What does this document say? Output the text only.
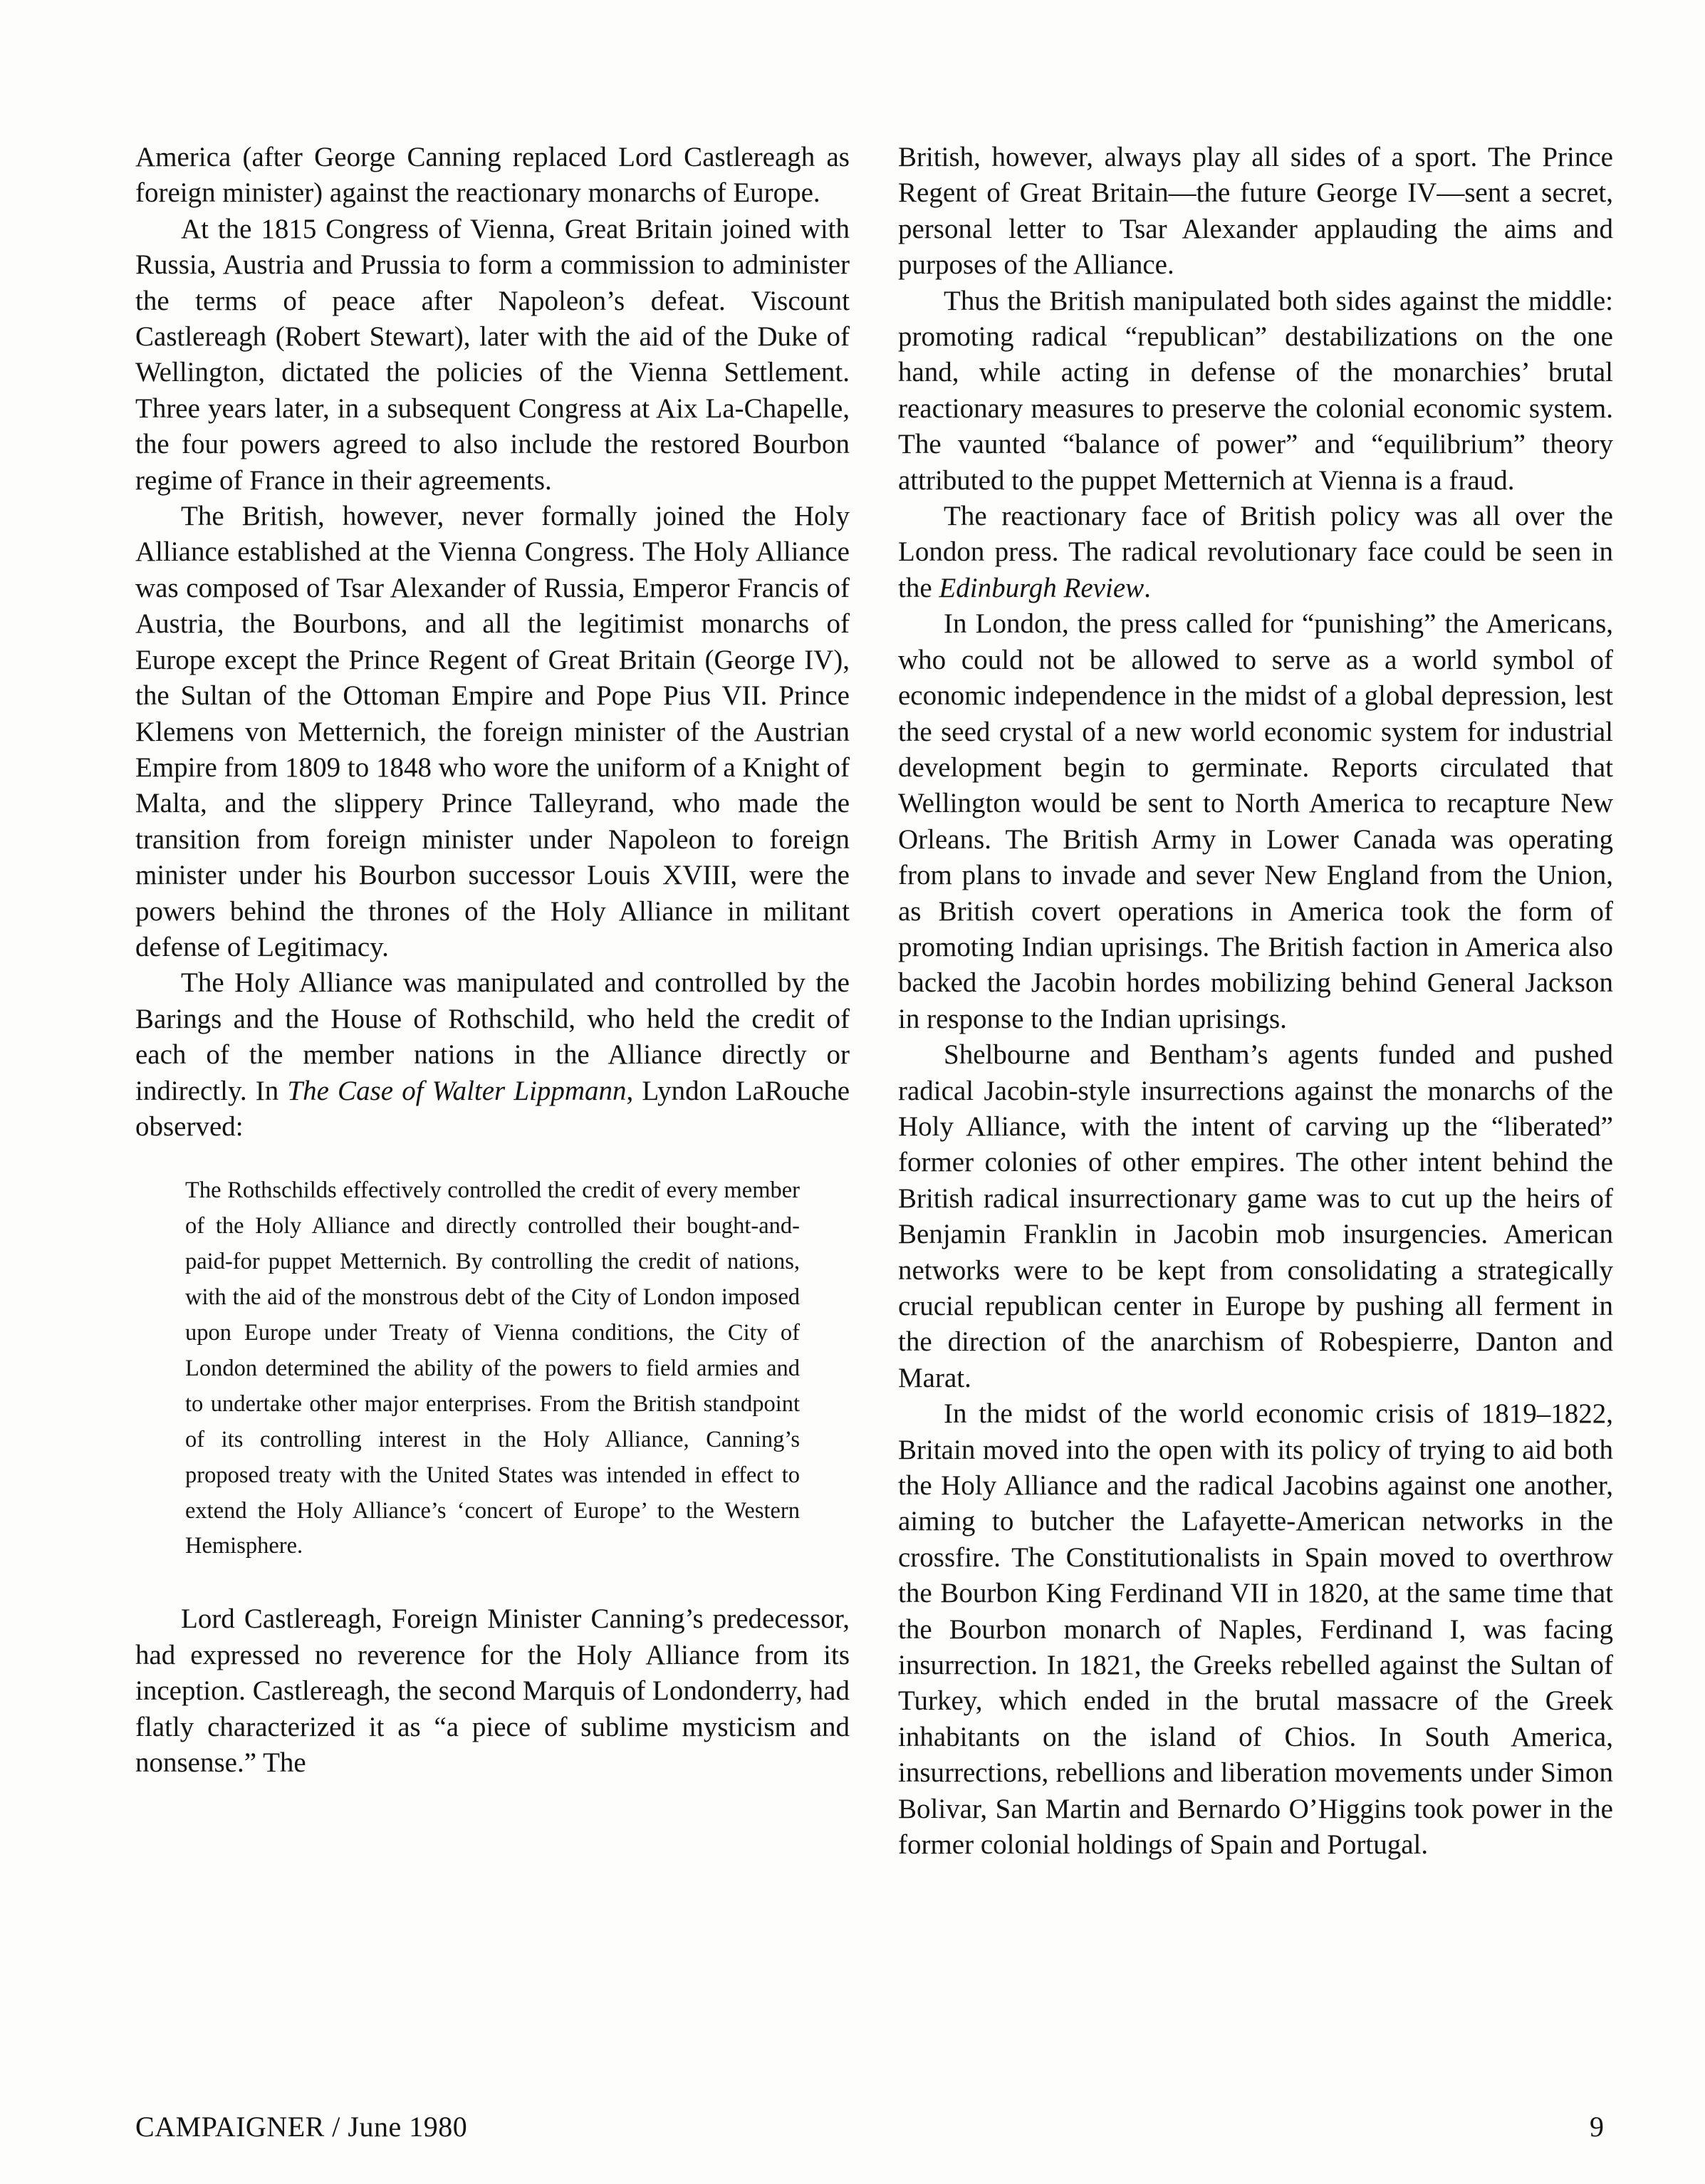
America (after George Canning replaced Lord Castlereagh as foreign minister) against the reactionary monarchs of Europe.

At the 1815 Congress of Vienna, Great Britain joined with Russia, Austria and Prussia to form a commission to administer the terms of peace after Napoleon’s defeat. Viscount Castlereagh (Robert Stewart), later with the aid of the Duke of Wellington, dictated the policies of the Vienna Settlement. Three years later, in a subsequent Congress at Aix La-Chapelle, the four powers agreed to also include the restored Bourbon regime of France in their agreements.

The British, however, never formally joined the Holy Alliance established at the Vienna Congress. The Holy Alliance was composed of Tsar Alexander of Russia, Emperor Francis of Austria, the Bourbons, and all the legitimist monarchs of Europe except the Prince Regent of Great Britain (George IV), the Sultan of the Ottoman Empire and Pope Pius VII. Prince Klemens von Metternich, the foreign minister of the Austrian Empire from 1809 to 1848 who wore the uniform of a Knight of Malta, and the slippery Prince Talleyrand, who made the transition from foreign minister under Napoleon to foreign minister under his Bourbon successor Louis XVIII, were the powers behind the thrones of the Holy Alliance in militant defense of Legitimacy.

The Holy Alliance was manipulated and controlled by the Barings and the House of Rothschild, who held the credit of each of the member nations in the Alliance directly or indirectly. In The Case of Walter Lippmann, Lyndon LaRouche observed:

The Rothschilds effectively controlled the credit of every member of the Holy Alliance and directly controlled their bought-and-paid-for puppet Metternich. By controlling the credit of nations, with the aid of the monstrous debt of the City of London imposed upon Europe under Treaty of Vienna conditions, the City of London determined the ability of the powers to field armies and to undertake other major enterprises. From the British standpoint of its controlling interest in the Holy Alliance, Canning’s proposed treaty with the United States was intended in effect to extend the Holy Alliance’s ‘concert of Europe’ to the Western Hemisphere.

Lord Castlereagh, Foreign Minister Canning’s predecessor, had expressed no reverence for the Holy Alliance from its inception. Castlereagh, the second Marquis of Londonderry, had flatly characterized it as “a piece of sublime mysticism and nonsense.” The

British, however, always play all sides of a sport. The Prince Regent of Great Britain—the future George IV—sent a secret, personal letter to Tsar Alexander applauding the aims and purposes of the Alliance.

Thus the British manipulated both sides against the middle: promoting radical “republican” destabilizations on the one hand, while acting in defense of the monarchies’ brutal reactionary measures to preserve the colonial economic system. The vaunted “balance of power” and “equilibrium” theory attributed to the puppet Metternich at Vienna is a fraud.

The reactionary face of British policy was all over the London press. The radical revolutionary face could be seen in the Edinburgh Review.

In London, the press called for “punishing” the Americans, who could not be allowed to serve as a world symbol of economic independence in the midst of a global depression, lest the seed crystal of a new world economic system for industrial development begin to germinate. Reports circulated that Wellington would be sent to North America to recapture New Orleans. The British Army in Lower Canada was operating from plans to invade and sever New England from the Union, as British covert operations in America took the form of promoting Indian uprisings. The British faction in America also backed the Jacobin hordes mobilizing behind General Jackson in response to the Indian uprisings.

Shelbourne and Bentham’s agents funded and pushed radical Jacobin-style insurrections against the monarchs of the Holy Alliance, with the intent of carving up the “liberated” former colonies of other empires. The other intent behind the British radical insurrectionary game was to cut up the heirs of Benjamin Franklin in Jacobin mob insurgencies. American networks were to be kept from consolidating a strategically crucial republican center in Europe by pushing all ferment in the direction of the anarchism of Robespierre, Danton and Marat.

In the midst of the world economic crisis of 1819–1822, Britain moved into the open with its policy of trying to aid both the Holy Alliance and the radical Jacobins against one another, aiming to butcher the Lafayette-American networks in the crossfire. The Constitutionalists in Spain moved to overthrow the Bourbon King Ferdinand VII in 1820, at the same time that the Bourbon monarch of Naples, Ferdinand I, was facing insurrection. In 1821, the Greeks rebelled against the Sultan of Turkey, which ended in the brutal massacre of the Greek inhabitants on the island of Chios. In South America, insurrections, rebellions and liberation movements under Simon Bolivar, San Martin and Bernardo O’Higgins took power in the former colonial holdings of Spain and Portugal.

CAMPAIGNER / June 1980	9
